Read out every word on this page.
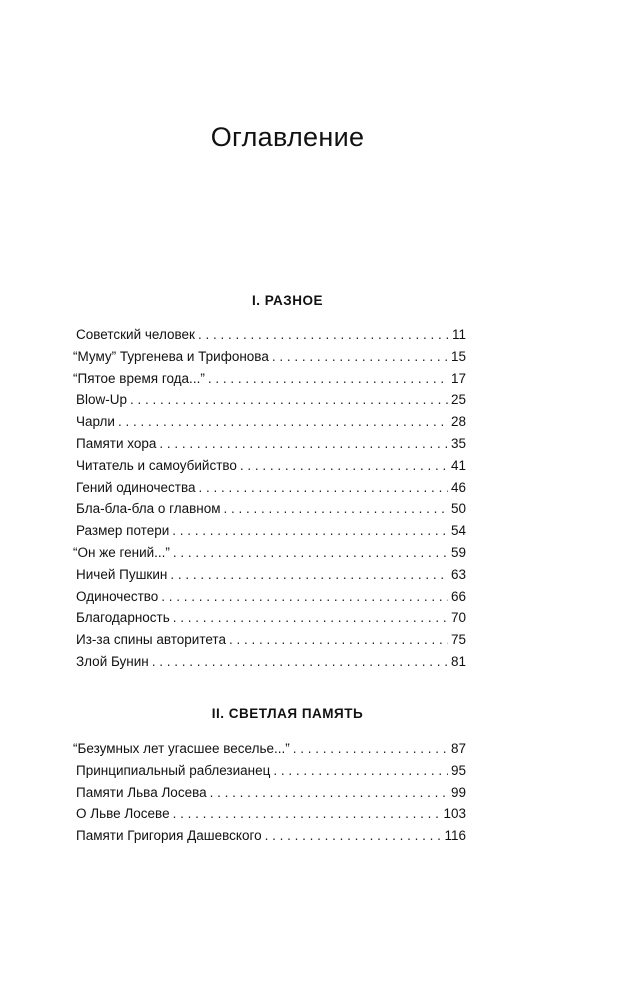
Оглавление
I. РАЗНОЕ
Советский человек . . .	11
“Муму” Тургенева и Трифонова . . .	15
“Пятое время года...” . . .	17
Blow-Up . . .	25
Чарли . . .	28
Памяти хора . . .	35
Читатель и самоубийство . . .	41
Гений одиночества . . .	46
Бла-бла-бла о главном . . .	50
Размер потери . . .	54
“Он же гений...” . . .	59
Ничей Пушкин . . .	63
Одиночество . . .	66
Благодарность . . .	70
Из-за спины авторитета . . .	75
Злой Бунин . . .	81
II. СВЕТЛАЯ ПАМЯТЬ
“Безумных лет угасшее веселье...” . . .	87
Принципиальный раблезианец . . .	95
Памяти Льва Лосева . . .	99
О Льве Лосеве . . .	103
Памяти Григория Дашевского . . .	116
